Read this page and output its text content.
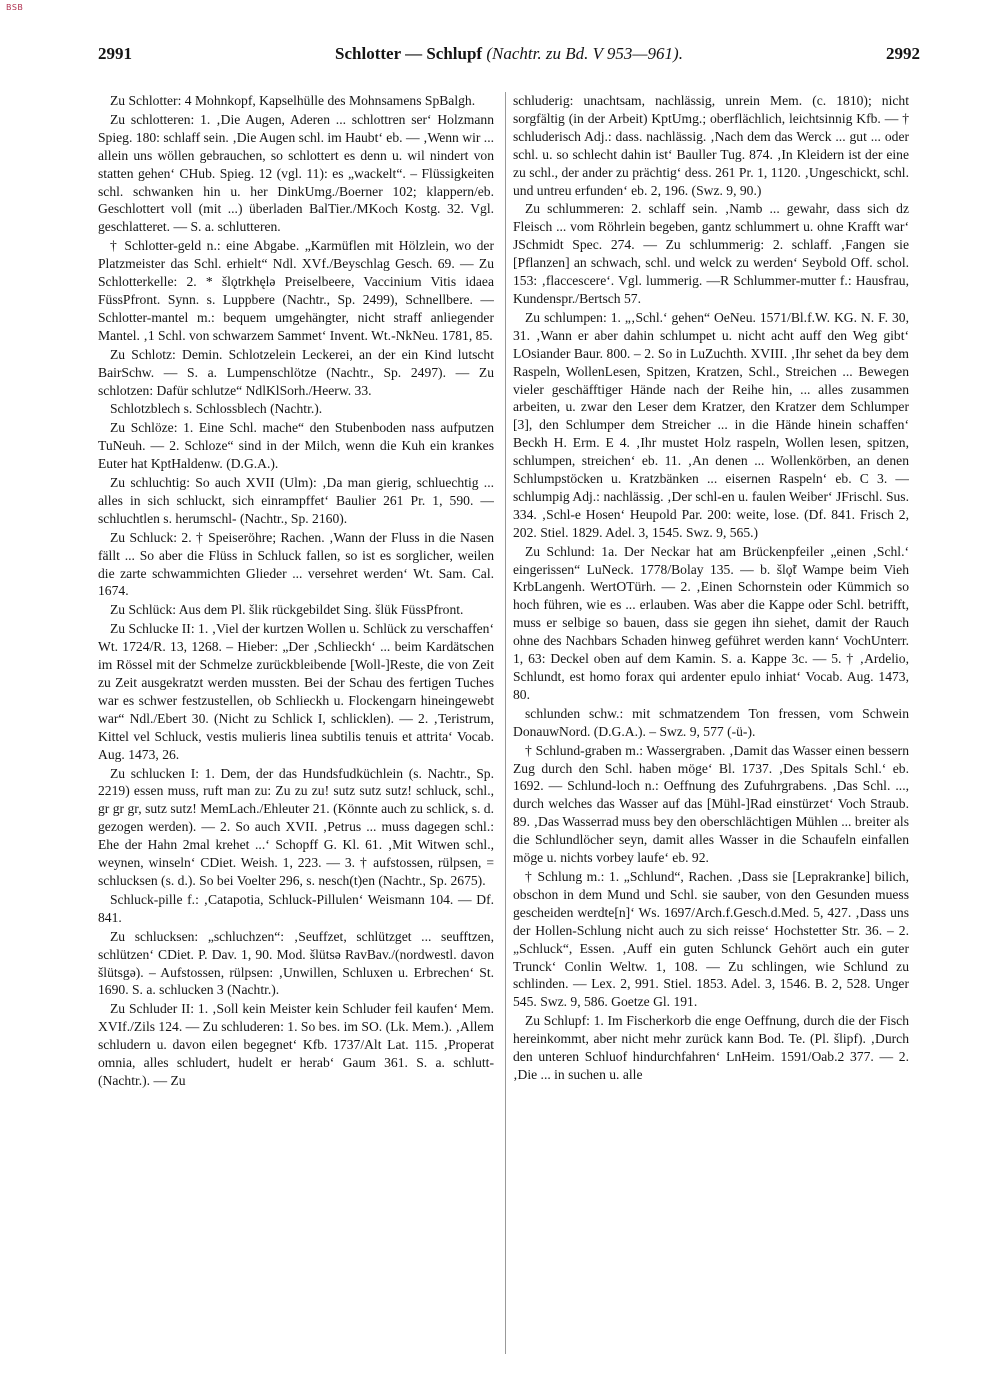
BSB
2991	Schlotter — Schlupf (Nachtr. zu Bd. V 953—961).	2992

Zu Schlotter: 4 Mohnkopf, Kapselhülle des Mohnsamens SpBalgh.

Zu schlotteren: 1. ‚Die Augen, Aderen ... schlottren ser‘ Holzmann Spieg. 180: schlaff sein. ‚Die Augen schl. im Haubt‘ eb. — ‚Wenn wir ... allein uns wöllen gebrauchen, so schlottert es denn u. wil nindert von statten gehen‘ CHub. Spieg. 12 (vgl. 11): es „wackelt“. – Flüssigkeiten schl. schwanken hin u. her DinkUmg./Boerner 102; klappern/eb. Geschlottert voll (mit ...) überladen BalTier./MKoch Kostg. 32. Vgl. geschlatteret. — S. a. schlutteren.

† Schlotter-geld n.: eine Abgabe. „Karmüflen mit Hölzlein, wo der Platzmeister das Schl. erhielt“ Ndl. XVf./Beyschlag Gesch. 69. — Zu Schlotterkelle: 2. * šlǫtrkhęlə Preiselbeere, Vaccinium Vitis idaea FüssPfront. Synn. s. Luppbere (Nachtr., Sp. 2499), Schnellbere. — Schlotter-mantel m.: bequem umgehängter, nicht straff anliegender Mantel. ‚1 Schl. von schwarzem Sammet‘ Invent. Wt.-NkNeu. 1781, 85.

Zu Schlotz: Demin. Schlotzelein Leckerei, an der ein Kind lutscht BairSchw. — S. a. Lumpenschlötze (Nachtr., Sp. 2497). — Zu schlotzen: Dafür schlutze“ NdlKlSorh./Heerw. 33.

Schlotzblech s. Schlossblech (Nachtr.).

Zu Schlöze: 1. Eine Schl. mache“ den Stubenboden nass aufputzen TuNeuh. — 2. Schloze“ sind in der Milch, wenn die Kuh ein krankes Euter hat KptHaldenw. (D.G.A.).

Zu schluchtig: So auch XVII (Ulm): ‚Da man gierig, schluechtig ... alles in sich schluckt, sich einrampffet‘ Baulier 261 Pr. 1, 590. — schluchtlen s. herumschl- (Nachtr., Sp. 2160).

Zu Schluck: 2. † Speiseröhre; Rachen. ‚Wann der Fluss in die Nasen fällt ... So aber die Flüss in Schluck fallen, so ist es sorglicher, weilen die zarte schwammichten Glieder ... versehret werden‘ Wt. Sam. Cal. 1674.

Zu Schlück: Aus dem Pl. šlik rückgebildet Sing. šlük FüssPfront.

Zu Schlucke II: 1. ‚Viel der kurtzen Wollen u. Schlück zu verschaffen‘ Wt. 1724/R. 13, 1268. – Hieber: „Der ‚Schlieckh‘ ... beim Kardätschen im Rössel mit der Schmelze zurückbleibende [Woll-]Reste, die von Zeit zu Zeit ausgekratzt werden mussten. Bei der Schau des fertigen Tuches war es schwer festzustellen, ob Schlieckh u. Flockengarn hineingewebt war“ Ndl./Ebert 30. (Nicht zu Schlick I, schlicklen). — 2. ‚Teristrum, Kittel vel Schluck, vestis mulieris linea subtilis tenuis et attrita‘ Vocab. Aug. 1473, 26.

Zu schlucken I: 1. Dem, der das Hundsfudküchlein (s. Nachtr., Sp. 2219) essen muss, ruft man zu: Zu zu zu! sutz sutz sutz! schluck, schl., gr gr gr, sutz sutz! MemLach./Ehleuter 21. (Könnte auch zu schlick, s. d. gezogen werden). — 2. So auch XVII. ‚Petrus ... muss dagegen schl.: Ehe der Hahn 2mal krehet ...‘ Schopff G. Kl. 61. ‚Mit Witwen schl., weynen, winseln‘ CDiet. Weish. 1, 223. — 3. † aufstossen, rülpsen, = schlucksen (s. d.). So bei Voelter 296, s. nesch(t)en (Nachtr., Sp. 2675).

Schluck-pille f.: ‚Catapotia, Schluck-Pillulen‘ Weismann 104. — Df. 841.

Zu schlucksen: „schluchzen“: ‚Seuffzet, schlützget ... seufftzen, schlützen‘ CDiet. P. Dav. 1, 90. Mod. šlütsə RavBav./(nordwestl. davon šlütsgə). – Aufstossen, rülpsen: ‚Unwillen, Schluxen u. Erbrechen‘ St. 1690. S. a. schlucken 3 (Nachtr.).

Zu Schluder II: 1. ‚Soll kein Meister kein Schluder feil kaufen‘ Mem. XVIf./Zils 124. — Zu schluderen: 1. So bes. im SO. (Lk. Mem.). ‚Allem schludern u. davon eilen begegnet‘ Kfb. 1737/Alt Lat. 115. ‚Properat omnia, alles schludert, hudelt er herab‘ Gaum 361. S. a. schlutt- (Nachtr.). — Zu

schluderig: unachtsam, nachlässig, unrein Mem. (c. 1810); nicht sorgfältig (in der Arbeit) KptUmg.; oberflächlich, leichtsinnig Kfb. — † schluderisch Adj.: dass. nachlässig. ‚Nach dem das Werck ... gut ... oder schl. u. so schlecht dahin ist‘ Bauller Tug. 874. ‚In Kleidern ist der eine zu schl., der ander zu prächtig‘ dess. 261 Pr. 1, 1120. ‚Ungeschickt, schl. und untreu erfunden‘ eb. 2, 196. (Swz. 9, 90.)

Zu schlummeren: 2. schlaff sein. ‚Namb ... gewahr, dass sich dz Fleisch ... vom Röhrlein begeben, gantz schlummert u. ohne Krafft war‘ JSchmidt Spec. 274. — Zu schlummerig: 2. schlaff. ‚Fangen sie [Pflanzen] an schwach, schl. und welck zu werden‘ Seybold Off. schol. 153: ‚flaccescere‘. Vgl. lummerig. —R Schlummer-mutter f.: Hausfrau, Kundenspr./Bertsch 57.

Zu schlumpen: 1. „‚Schl.‘ gehen“ OeNeu. 1571/Bl.f.W. KG. N. F. 30, 31. ‚Wann er aber dahin schlumpet u. nicht acht auff den Weg gibt‘ LOsiander Baur. 800. – 2. So in LuZuchth. XVIII. ‚Ihr sehet da bey dem Raspeln, WollenLesen, Spitzen, Kratzen, Schl., Streichen ... Bewegen vieler geschäfftiger Hände nach der Reihe hin, ... alles zusammen arbeiten, u. zwar den Leser dem Kratzer, den Kratzer dem Schlumper [3], den Schlumper dem Streicher ... in die Hände hinein schaffen‘ Beckh H. Erm. E 4. ‚Ihr mustet Holz raspeln, Wollen lesen, spitzen, schlumpen, streichen‘ eb. 11. ‚An denen ... Wollenkörben, an denen Schlumpstöcken u. Kratzbänken ... eisernen Raspeln‘ eb. C 3. — schlumpig Adj.: nachlässig. ‚Der schl-en u. faulen Weiber‘ JFrischl. Sus. 334. ‚Schl-e Hosen‘ Heupold Par. 200: weite, lose. (Df. 841. Frisch 2, 202. Stiel. 1829. Adel. 3, 1545. Swz. 9, 565.)

Zu Schlund: 1a. Der Neckar hat am Brückenpfeiler „einen ‚Schl.‘ eingerissen“ LuNeck. 1778/Bolay 135. — b. šlǫ̃t Wampe beim Vieh KrbLangenh. WertOTürh. — 2. ‚Einen Schornstein oder Kümmich so hoch führen, wie es ... erlauben. Was aber die Kappe oder Schl. betrifft, muss er selbige so bauen, dass sie gegen ihn siehet, damit der Rauch ohne des Nachbars Schaden hinweg geführet werden kann‘ VochUnterr. 1, 63: Deckel oben auf dem Kamin. S. a. Kappe 3c. — 5. † ‚Ardelio, Schlundt, est homo forax qui ardenter epulo inhiat‘ Vocab. Aug. 1473, 80.

schlunden schw.: mit schmatzendem Ton fressen, vom Schwein DonauwNord. (D.G.A.). – Swz. 9, 577 (-ü-).

† Schlund-graben m.: Wassergraben. ‚Damit das Wasser einen bessern Zug durch den Schl. haben möge‘ Bl. 1737. ‚Des Spitals Schl.‘ eb. 1692. — Schlund-loch n.: Oeffnung des Zufuhrgrabens. ‚Das Schl. ..., durch welches das Wasser auf das [Mühl-]Rad einstürzet‘ Voch Straub. 89. ‚Das Wasserrad muss bey den oberschlächtigen Mühlen ... breiter als die Schlundlöcher seyn, damit alles Wasser in die Schaufeln einfallen möge u. nichts vorbey laufe‘ eb. 92.

† Schlung m.: 1. „Schlund“, Rachen. ‚Dass sie [Leprakranke] bilich, obschon in dem Mund und Schl. sie sauber, von den Gesunden muess gescheiden werdte[n]‘ Ws. 1697/Arch.f.Gesch.d.Med. 5, 427. ‚Dass uns der Hollen-Schlung nicht auch zu sich reisse‘ Hochstetter Str. 36. – 2. „Schluck“, Essen. ‚Auff ein guten Schlunck Gehört auch ein guter Trunck‘ Conlin Weltw. 1, 108. — Zu schlingen, wie Schlund zu schlinden. — Lex. 2, 991. Stiel. 1853. Adel. 3, 1546. B. 2, 528. Unger 545. Swz. 9, 586. Goetze Gl. 191.

Zu Schlupf: 1. Im Fischerkorb die enge Oeffnung, durch die der Fisch hereinkommt, aber nicht mehr zurück kann Bod. Te. (Pl. šlipf). ‚Durch den unteren Schluof hindurchfahren‘ LnHeim. 1591/Oab.2 377. — 2. ‚Die ... in suchen u. alle
